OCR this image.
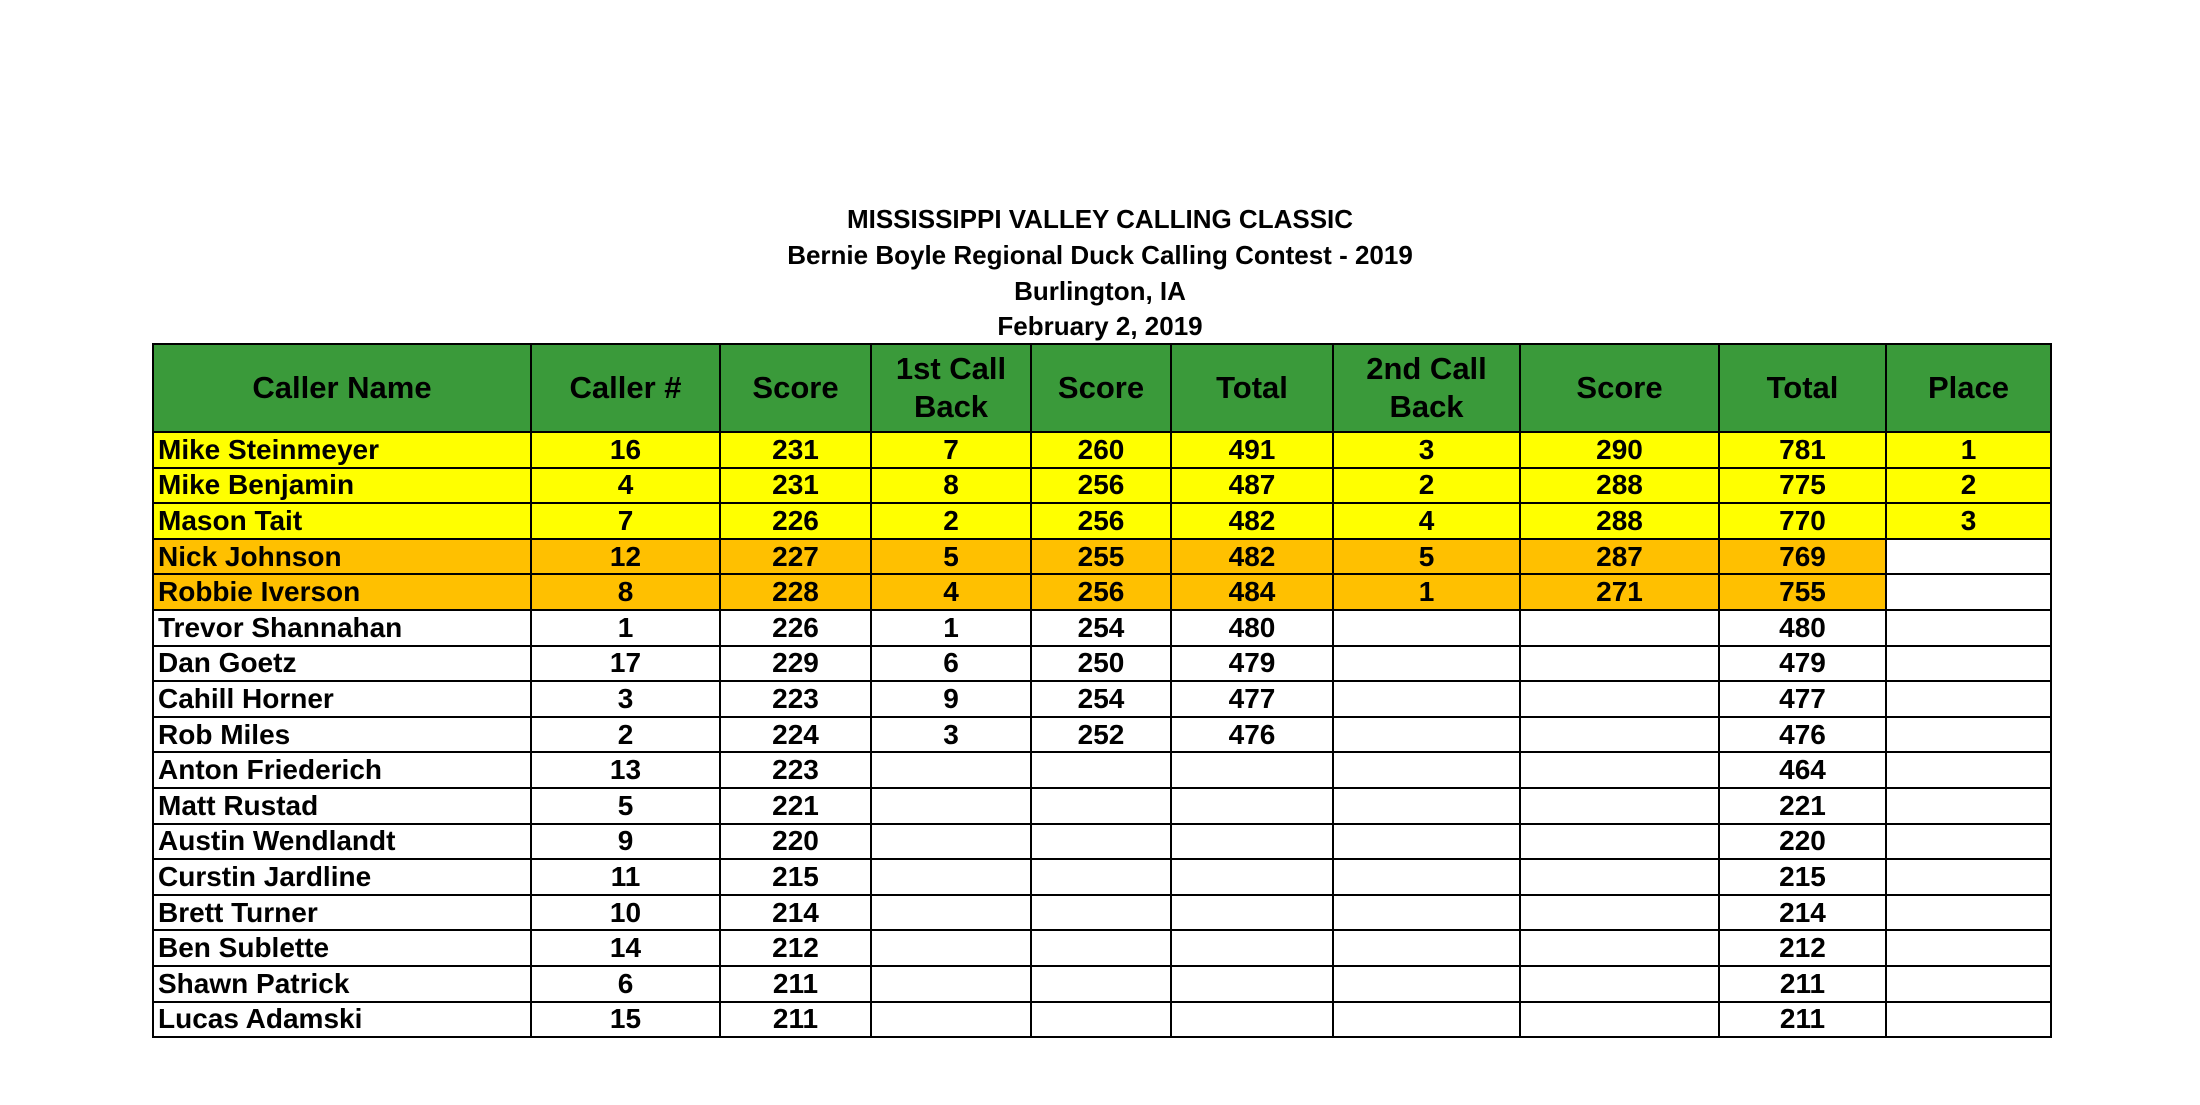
MISSISSIPPI VALLEY CALLING CLASSIC
Bernie Boyle Regional Duck Calling Contest - 2019
Burlington, IA
February 2, 2019
Caller Name	Caller #	Score	1st Call Back	Score	Total	2nd Call Back	Score	Total	Place
Mike Steinmeyer	16	231	7	260	491	3	290	781	1
Mike Benjamin	4	231	8	256	487	2	288	775	2
Mason Tait	7	226	2	256	482	4	288	770	3
Nick Johnson	12	227	5	255	482	5	287	769	
Robbie Iverson	8	228	4	256	484	1	271	755	
Trevor Shannahan	1	226	1	254	480			480	
Dan Goetz	17	229	6	250	479			479	
Cahill Horner	3	223	9	254	477			477	
Rob Miles	2	224	3	252	476			476	
Anton Friederich	13	223						464	
Matt Rustad	5	221						221	
Austin Wendlandt	9	220						220	
Curstin Jardline	11	215						215	
Brett Turner	10	214						214	
Ben Sublette	14	212						212	
Shawn Patrick	6	211						211	
Lucas Adamski	15	211						211	
